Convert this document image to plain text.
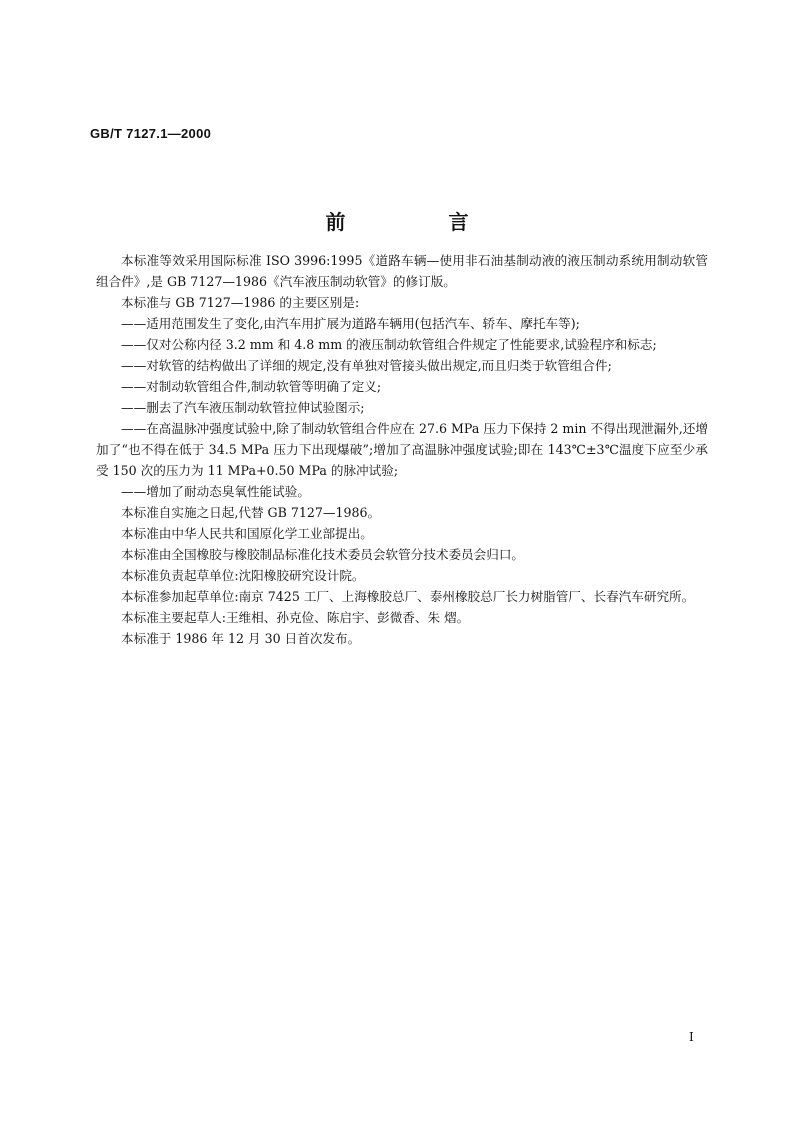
GB/T 7127.1—2000
前 言

本标准等效采用国际标准 ISO 3996:1995《道路车辆—使用非石油基制动液的液压制动系统用制动软管组合件》,是 GB 7127—1986《汽车液压制动软管》的修订版。

本标准与 GB 7127—1986 的主要区别是:

——适用范围发生了变化,由汽车用扩展为道路车辆用(包括汽车、轿车、摩托车等);

——仅对公称内径 3.2 mm 和 4.8 mm 的液压制动软管组合件规定了性能要求,试验程序和标志;

——对软管的结构做出了详细的规定,没有单独对管接头做出规定,而且归类于软管组合件;

——对制动软管组合件,制动软管等明确了定义;

——删去了汽车液压制动软管拉伸试验图示;

——在高温脉冲强度试验中,除了制动软管组合件应在 27.6 MPa 压力下保持 2 min 不得出现泄漏外,还增加了“也不得在低于 34.5 MPa 压力下出现爆破”;增加了高温脉冲强度试验;即在 143℃±3℃温度下应至少承受 150 次的压力为 11 MPa+0.50 MPa 的脉冲试验;

——增加了耐动态臭氧性能试验。

本标准自实施之日起,代替 GB 7127—1986。

本标准由中华人民共和国原化学工业部提出。

本标准由全国橡胶与橡胶制品标准化技术委员会软管分技术委员会归口。

本标准负责起草单位:沈阳橡胶研究设计院。

本标准参加起草单位:南京 7425 工厂、上海橡胶总厂、泰州橡胶总厂长力树脂管厂、长春汽车研究所。

本标准主要起草人:王维相、孙克俭、陈启宇、彭微香、朱 熠。

本标准于 1986 年 12 月 30 日首次发布。

I
